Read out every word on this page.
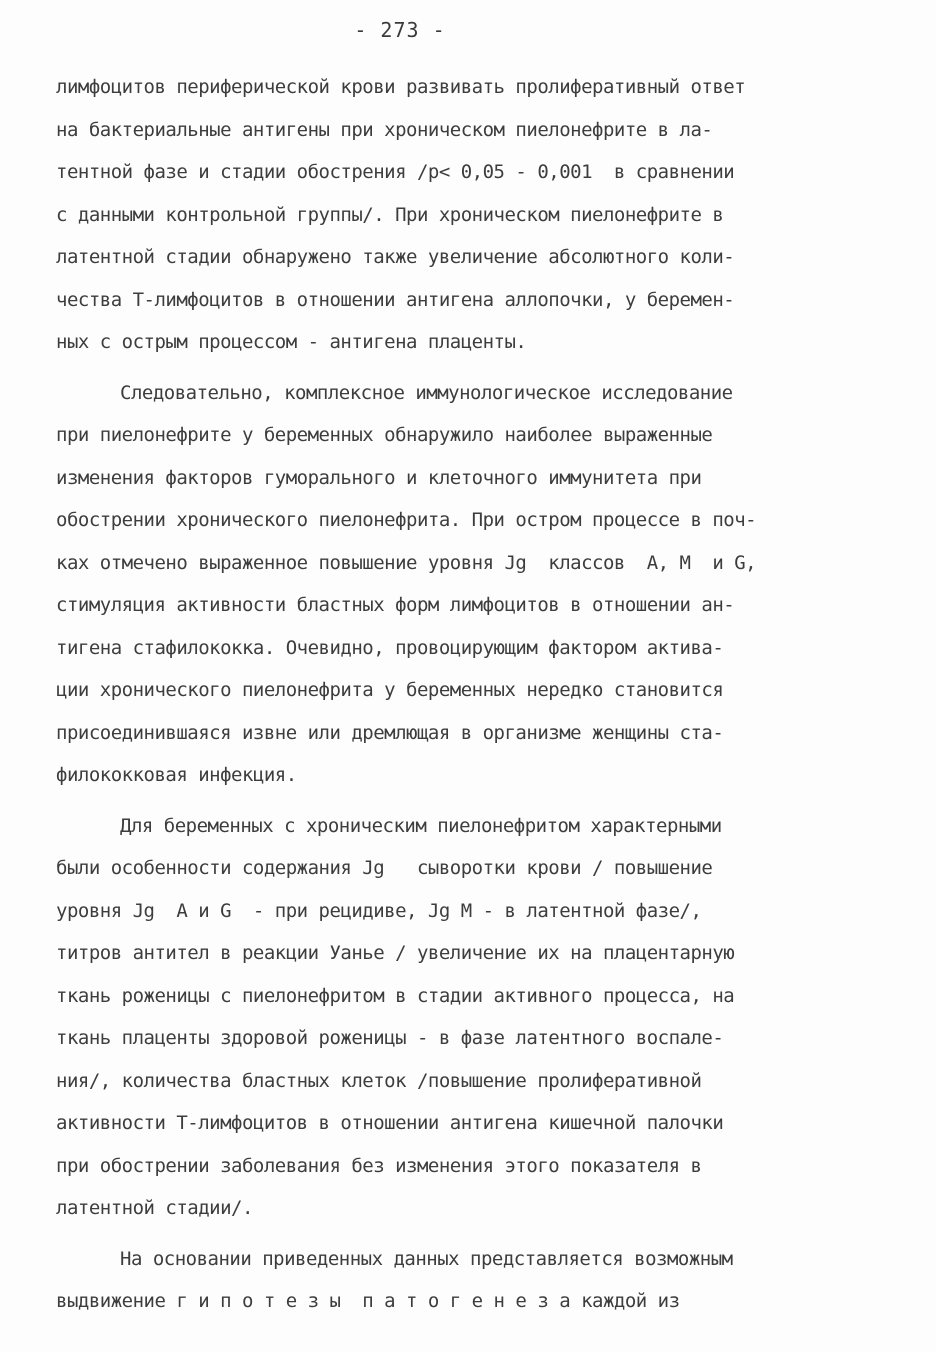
- 273 -
лимфоцитов периферической крови развивать пролиферативный ответ
на бактериальные антигены при хроническом пиелонефрите в ла-
тентной фазе и стадии обострения /р< 0,05 - 0,001  в сравнении
с данными контрольной группы/. При хроническом пиелонефрите в
латентной стадии обнаружено также увеличение абсолютного коли-
чества Т-лимфоцитов в отношении антигена аллопочки, у беремен-
ных с острым процессом - антигена плаценты.
Следовательно, комплексное иммунологическое исследование
при пиелонефрите у беременных обнаружило наиболее выраженные
изменения факторов гуморального и клеточного иммунитета при
обострении хронического пиелонефрита. При остром процессе в поч-
ках отмечено выраженное повышение уровня Jg  классов  A, M  и G,
стимуляция активности бластных форм лимфоцитов в отношении ан-
тигена стафилококка. Очевидно, провоцирующим фактором актива-
ции хронического пиелонефрита у беременных нередко становится
присоединившаяся извне или дремлющая в организме женщины ста-
филококковая инфекция.
Для беременных с хроническим пиелонефритом характерными
были особенности содержания Jg   сыворотки крови / повышение
уровня Jg  A и G  - при рецидиве, Jg M - в латентной фазе/,
титров антител в реакции Уанье / увеличение их на плацентарную
ткань роженицы с пиелонефритом в стадии активного процесса, на
ткань плаценты здоровой роженицы - в фазе латентного воспале-
ния/, количества бластных клеток /повышение пролиферативной
активности Т-лимфоцитов в отношении антигена кишечной палочки
при обострении заболевания без изменения этого показателя в
латентной стадии/.
На основании приведенных данных представляется возможным
выдвижение г и п о т е з ы  п а т о г е н е з а каждой из
